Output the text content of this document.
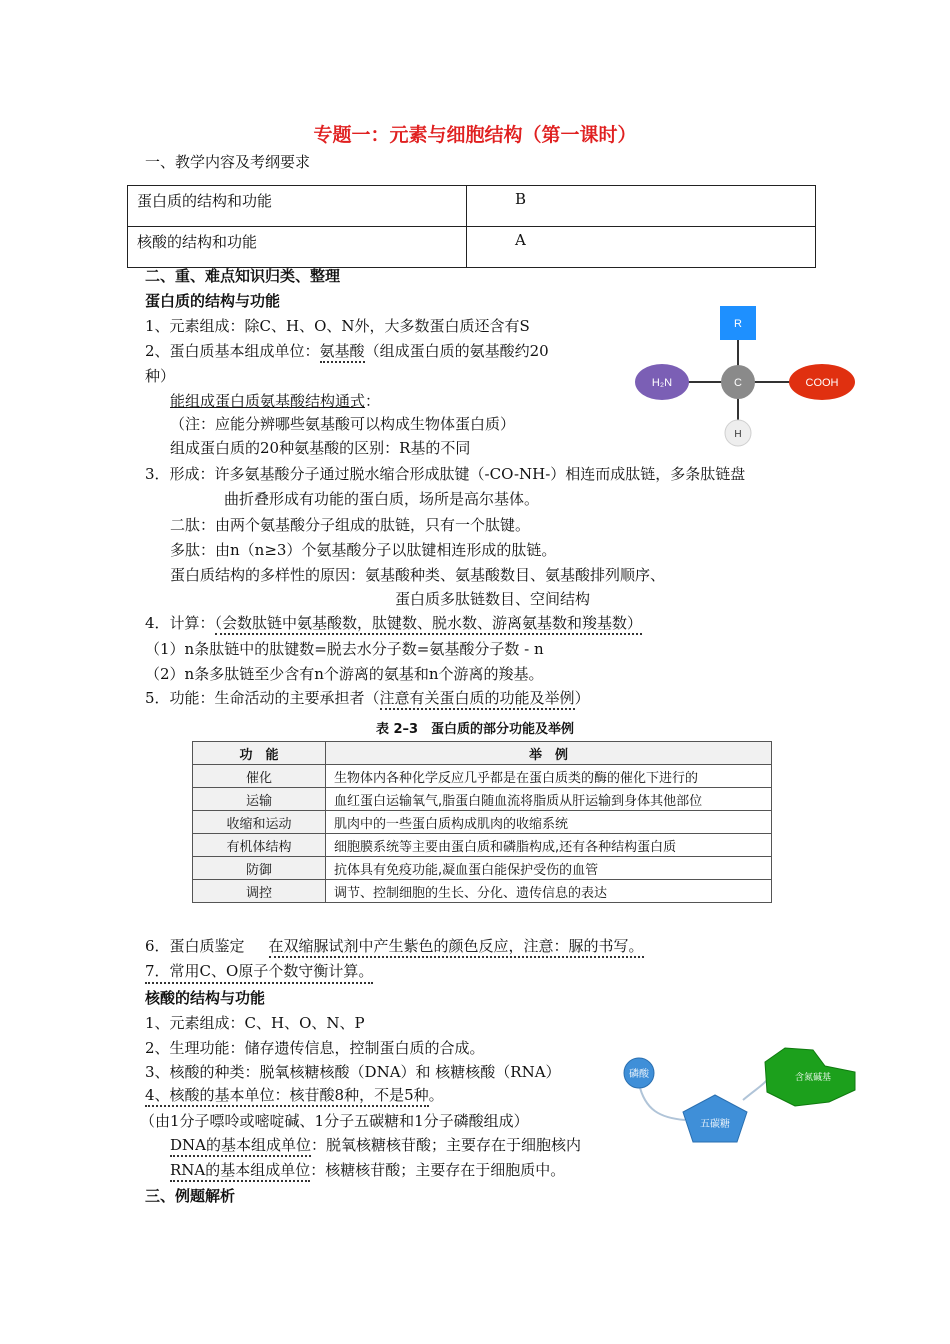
专题一：元素与细胞结构（第一课时）
一、教学内容及考纲要求
蛋白质的结构和功能	B
核酸的结构和功能	A
二、重、难点知识归类、整理
蛋白质的结构与功能
1、元素组成：除C、H、O、N外，大多数蛋白质还含有S
2、蛋白质基本组成单位：氨基酸（组成蛋白质的氨基酸约20
种）
能组成蛋白质氨基酸结构通式：
（注：应能分辨哪些氨基酸可以构成生物体蛋白质）
组成蛋白质的20种氨基酸的区别：R基的不同
3．形成：许多氨基酸分子通过脱水缩合形成肽键（-CO-NH-）相连而成肽链，多条肽链盘
曲折叠形成有功能的蛋白质，场所是高尔基体。
二肽：由两个氨基酸分子组成的肽链，只有一个肽键。
多肽：由n（n≥3）个氨基酸分子以肽键相连形成的肽链。
蛋白质结构的多样性的原因：氨基酸种类、氨基酸数目、氨基酸排列顺序、
蛋白质多肽链数目、空间结构
4．计算：（会数肽链中氨基酸数，肽键数、脱水数、游离氨基数和羧基数）
（1）n条肽链中的肽键数=脱去水分子数=氨基酸分子数 - n
（2）n条多肽链至少含有n个游离的氨基和n个游离的羧基。
5．功能：生命活动的主要承担者（注意有关蛋白质的功能及举例）
R
H₂N	C	COOH
H
表 2–3　蛋白质的部分功能及举例
功　能	举　例
催化	生物体内各种化学反应几乎都是在蛋白质类的酶的催化下进行的
运输	血红蛋白运输氧气,脂蛋白随血流将脂质从肝运输到身体其他部位
收缩和运动	肌肉中的一些蛋白质构成肌肉的收缩系统
有机体结构	细胞膜系统等主要由蛋白质和磷脂构成,还有各种结构蛋白质
防御	抗体具有免疫功能,凝血蛋白能保护受伤的血管
调控	调节、控制细胞的生长、分化、遗传信息的表达
6．蛋白质鉴定 在双缩脲试剂中产生紫色的颜色反应，注意：脲的书写。
7．常用C、O原子个数守衡计算。
核酸的结构与功能
1、元素组成：C、H、O、N、P
2、生理功能：储存遗传信息，控制蛋白质的合成。
3、核酸的种类：脱氧核糖核酸（DNA）和 核糖核酸（RNA）
4、核酸的基本单位：核苷酸8种，不是5种。
（由1分子嘌呤或嘧啶碱、1分子五碳糖和1分子磷酸组成）
DNA的基本组成单位：脱氧核糖核苷酸；主要存在于细胞核内
RNA的基本组成单位：核糖核苷酸；主要存在于细胞质中。
三、例题解析
磷酸
五碳糖
含氮碱基
